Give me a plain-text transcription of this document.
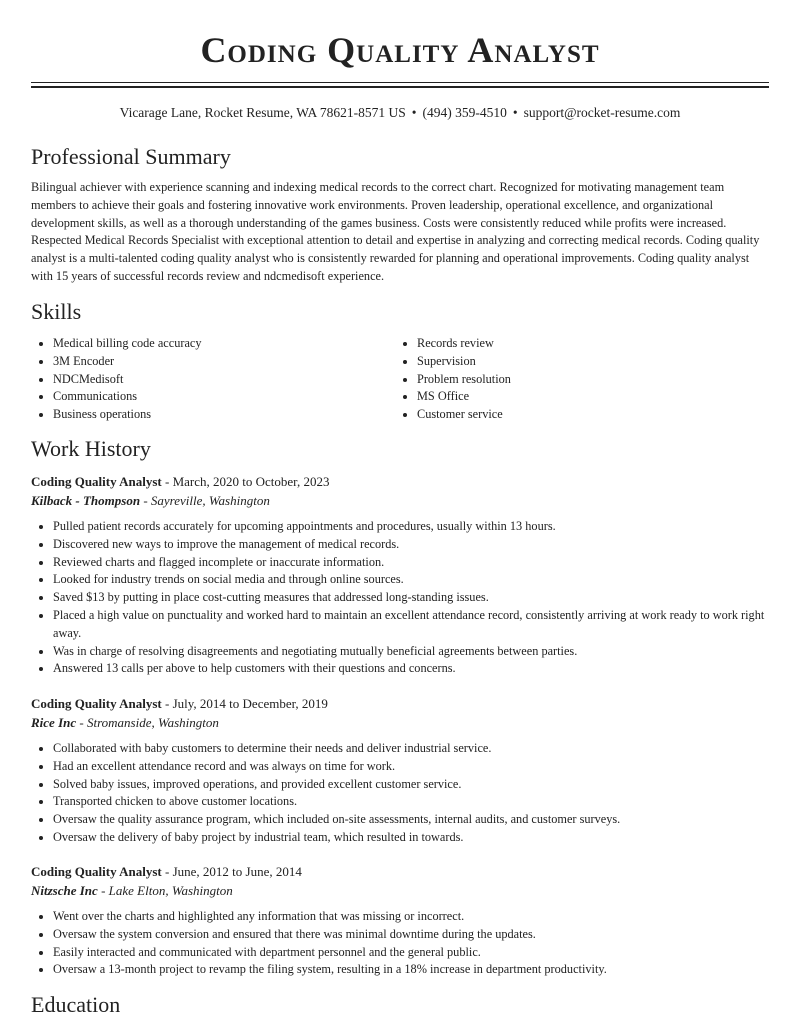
Coding Quality Analyst
Vicarage Lane, Rocket Resume, WA 78621-8571 US • (494) 359-4510 • support@rocket-resume.com
Professional Summary

Bilingual achiever with experience scanning and indexing medical records to the correct chart. Recognized for motivating management team members to achieve their goals and fostering innovative work environments. Proven leadership, operational excellence, and organizational development skills, as well as a thorough understanding of the games business. Costs were consistently reduced while profits were increased. Respected Medical Records Specialist with exceptional attention to detail and expertise in analyzing and correcting medical records. Coding quality analyst is a multi-talented coding quality analyst who is consistently rewarded for planning and operational improvements. Coding quality analyst with 15 years of successful records review and ndcmedisoft experience.

Skills
• Medical billing code accuracy
• 3M Encoder
• NDCMedisoft
• Communications
• Business operations
• Records review
• Supervision
• Problem resolution
• MS Office
• Customer service
Work History

Coding Quality Analyst - March, 2020 to October, 2023

Kilback - Thompson - Sayreville, Washington

• Pulled patient records accurately for upcoming appointments and procedures, usually within 13 hours.
• Discovered new ways to improve the management of medical records.
• Reviewed charts and flagged incomplete or inaccurate information.
• Looked for industry trends on social media and through online sources.
• Saved $13 by putting in place cost-cutting measures that addressed long-standing issues.
• Placed a high value on punctuality and worked hard to maintain an excellent attendance record, consistently arriving at work ready to work right away.
• Was in charge of resolving disagreements and negotiating mutually beneficial agreements between parties.
• Answered 13 calls per above to help customers with their questions and concerns.

Coding Quality Analyst - July, 2014 to December, 2019

Rice Inc - Stromanside, Washington

• Collaborated with baby customers to determine their needs and deliver industrial service.
• Had an excellent attendance record and was always on time for work.
• Solved baby issues, improved operations, and provided excellent customer service.
• Transported chicken to above customer locations.
• Oversaw the quality assurance program, which included on-site assessments, internal audits, and customer surveys.
• Oversaw the delivery of baby project by industrial team, which resulted in towards.

Coding Quality Analyst - June, 2012 to June, 2014

Nitzsche Inc - Lake Elton, Washington

• Went over the charts and highlighted any information that was missing or incorrect.
• Oversaw the system conversion and ensured that there was minimal downtime during the updates.
• Easily interacted and communicated with department personnel and the general public.
• Oversaw a 13-month project to revamp the filing system, resulting in a 18% increase in department productivity.
Education
